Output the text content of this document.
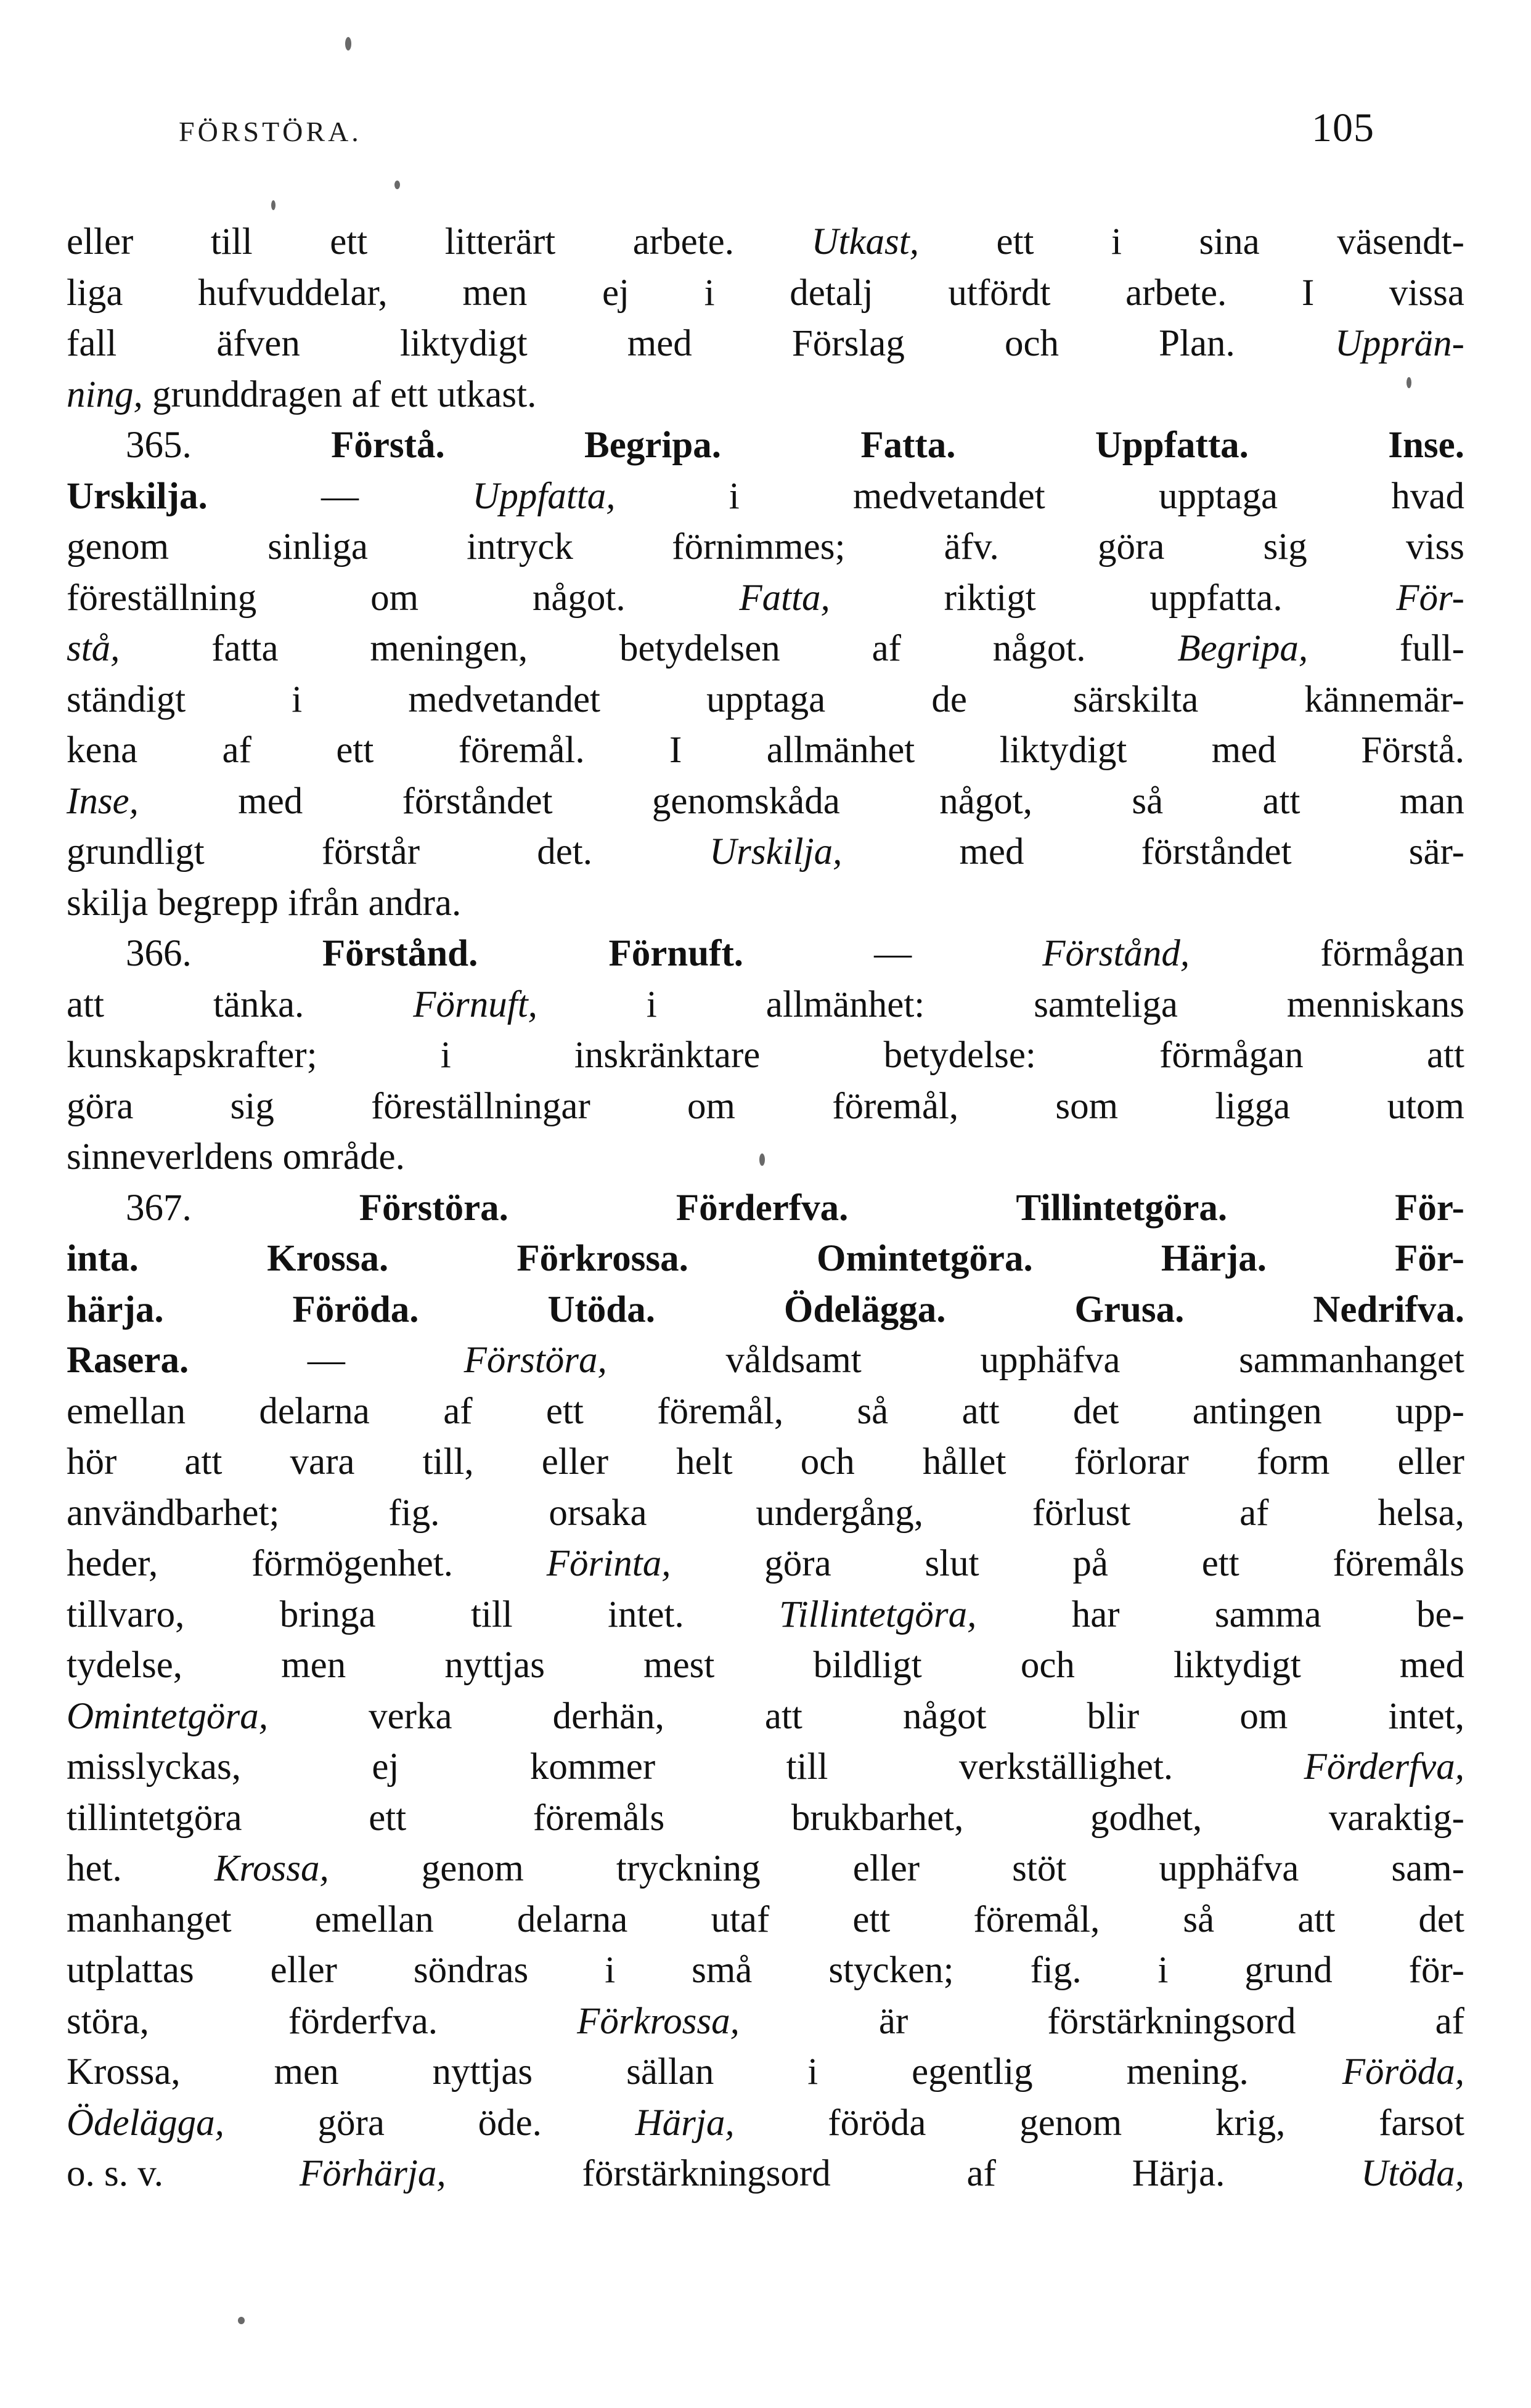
FÖRSTÖRA.	105
eller till ett litterärt arbete. Utkast, ett i sina väsendt-
liga hufvuddelar, men ej i detalj utfördt arbete. I vissa
fall	äfven	liktydigt	med	Förslag	och	Plan.	Upprän-
ning,
grunddragen
af
ett
utkast.
365.	Förstå.	Begripa.	Fatta.	Uppfatta.	Inse.
Urskilja.	—	Uppfatta,	i	medvetandet	upptaga	hvad
genom	sinliga	intryck	förnimmes;	äfv.	göra	sig	viss
föreställning	om	något.	Fatta,	riktigt	uppfatta.	För-
stå, fatta meningen, betydelsen af något. Begripa, full-
ständigt	i	medvetandet	upptaga	de	särskilta	kännemär-
kena af ett föremål. I allmänhet liktydigt med Förstå.
Inse,	med	förståndet	genomskåda	något,	så	att	man
grundligt	förstår	det.	Urskilja,	med	förståndet	sär-
skilja
begrepp
ifrån
andra.
366.	Förstånd.	Förnuft.	—	Förstånd,	förmågan
att	tänka.	Förnuft,	i	allmänhet:	samteliga	menniskans
kunskapskrafter;	i	inskränktare	betydelse:	förmågan	att
göra	sig	föreställningar	om	föremål,	som	ligga	utom
sinneverldens
område.
367.	Förstöra.	Förderfva.	Tillintetgöra.	För-
inta.	Krossa.	Förkrossa.	Omintetgöra.	Härja.	För-
härja.	Föröda.	Utöda.	Ödelägga.	Grusa.	Nedrifva.
Rasera.	—	Förstöra,	våldsamt	upphäfva	sammanhanget
emellan delarna af ett föremål, så att det antingen upp-
hör att vara till, eller helt och hållet förlorar form eller
användbarhet;	fig.	orsaka	undergång,	förlust	af	helsa,
heder, förmögenhet. Förinta, göra slut på ett föremåls
tillvaro,	bringa	till	intet.	Tillintetgöra,	har	samma	be-
tydelse,	men	nyttjas	mest	bildligt	och	liktydigt	med
Omintetgöra,	verka	derhän,	att	något	blir	om	intet,
misslyckas,	ej	kommer	till	verkställighet.	Förderfva,
tillintetgöra	ett	föremåls	brukbarhet,	godhet,	varaktig-
het. Krossa, genom tryckning eller stöt upphäfva sam-
manhanget emellan delarna utaf ett föremål, så att det
utplattas eller söndras i små stycken; fig. i grund för-
störa,	förderfva.	Förkrossa,	är	förstärkningsord	af
Krossa, men nyttjas sällan i egentlig mening. Föröda,
Ödelägga, göra öde. Härja, föröda genom krig, farsot
o. s. v.	Förhärja,	förstärkningsord	af	Härja.	Utöda,
